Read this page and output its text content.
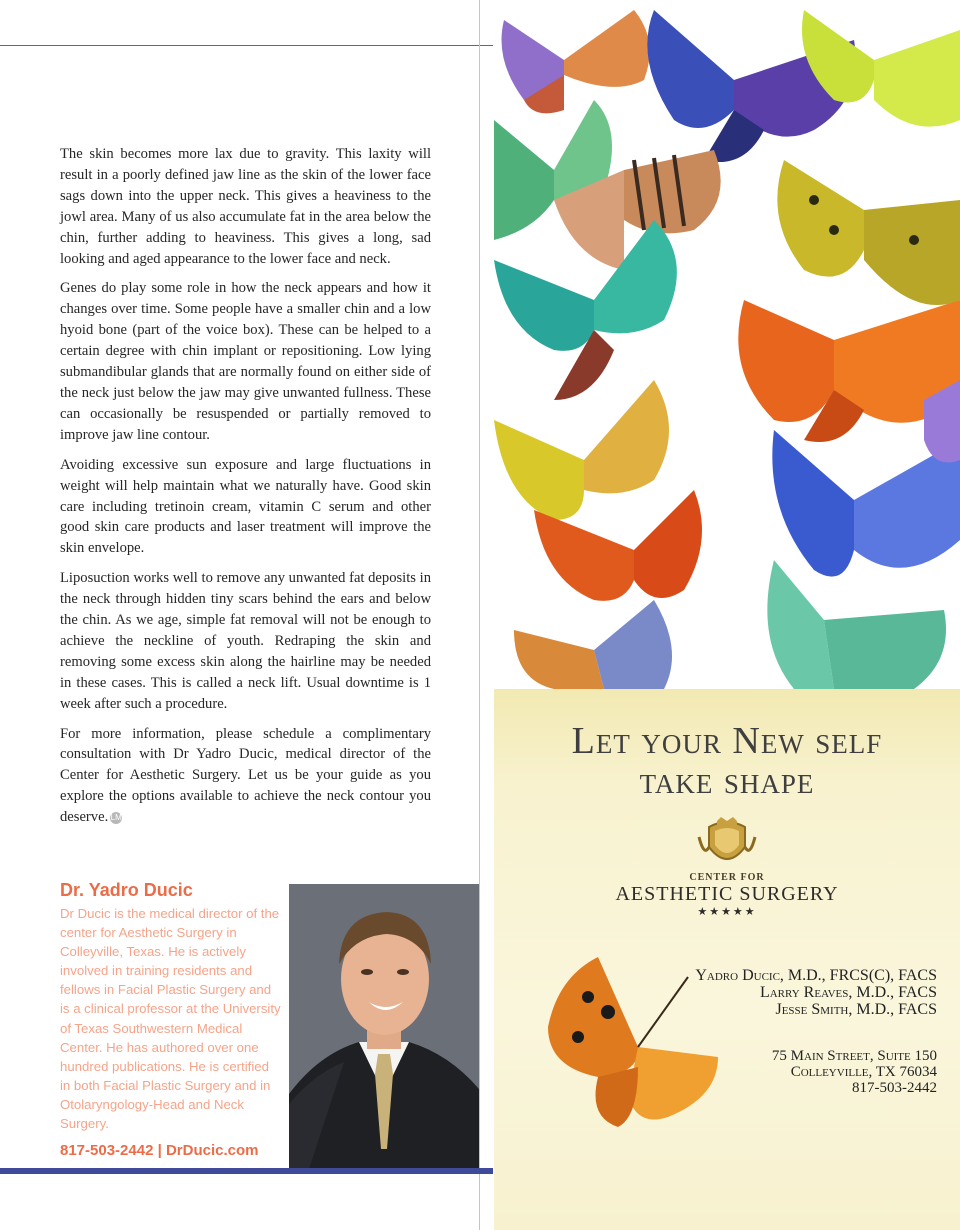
The skin becomes more lax due to gravity. This laxity will result in a poorly defined jaw line as the skin of the lower face sags down into the upper neck. This gives a heaviness to the jowl area. Many of us also accumulate fat in the area below the chin, further adding to heaviness. This gives a long, sad looking and aged appearance to the lower face and neck.

Genes do play some role in how the neck appears and how it changes over time. Some people have a smaller chin and a low hyoid bone (part of the voice box). These can be helped to a certain degree with chin implant or repositioning. Low lying submandibular glands that are normally found on either side of the neck just below the jaw may give unwanted fullness. These can occasionally be resuspended or partially removed to improve jaw line contour.

Avoiding excessive sun exposure and large fluctuations in weight will help maintain what we naturally have. Good skin care including tretinoin cream, vitamin C serum and other good skin care products and laser treatment will improve the skin envelope.

Liposuction works well to remove any unwanted fat deposits in the neck through hidden tiny scars behind the ears and below the chin. As we age, simple fat removal will not be enough to achieve the neckline of youth. Redraping the skin and removing some excess skin along the hairline may be needed in these cases. This is called a neck lift. Usual downtime is 1 week after such a procedure.

For more information, please schedule a complimentary consultation with Dr Yadro Ducic, medical director of the Center for Aesthetic Surgery. Let us be your guide as you explore the options available to achieve the neck contour you deserve. LM

Dr. Yadro Ducic
Dr Ducic is the medical director of the center for Aesthetic Surgery in Colleyville, Texas. He is actively involved in training residents and fellows in Facial Plastic Surgery and is a clinical professor at the University of Texas Southwestern Medical Center. He has authored over one hundred publications. He is certified in both Facial Plastic Surgery and in Otolaryngology-Head and Neck Surgery.
817-503-2442 | DrDucic.com
Let your New self
take shape
CENTER FOR
AESTHETIC SURGERY
★★★★★
Yadro Ducic, M.D., FRCS(C), FACS
Larry Reaves, M.D., FACS
Jesse Smith, M.D., FACS
75 Main Street, Suite 150
Colleyville, TX 76034
817-503-2442
